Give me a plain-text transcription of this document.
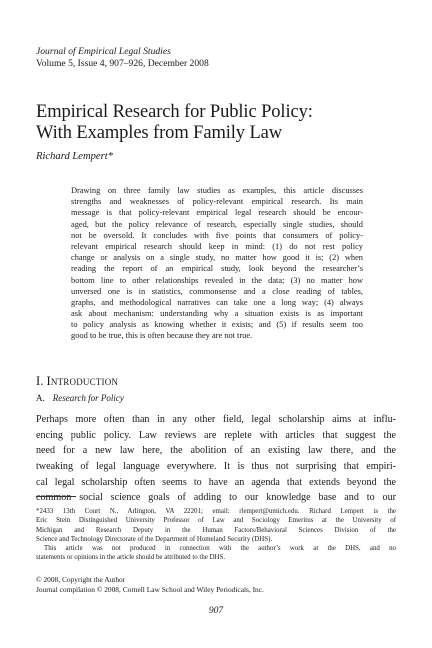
Journal of Empirical Legal Studies
Volume 5, Issue 4, 907–926, December 2008
Empirical Research for Public Policy:
With Examples from Family Law
Richard Lempert*
Drawing on three family law studies as examples, this article discusses
strengths and weaknesses of policy-relevant empirical research. Its main
message is that policy-relevant empirical legal research should be encour-
aged, but the policy relevance of research, especially single studies, should
not be oversold. It concludes with five points that consumers of policy-
relevant empirical research should keep in mind: (1) do not rest policy
change or analysis on a single study, no matter how good it is; (2) when
reading the report of an empirical study, look beyond the researcher’s
bottom line to other relationships revealed in the data; (3) no matter how
unversed one is in statistics, commonsense and a close reading of tables,
graphs, and methodological narratives can take one a long way; (4) always
ask about mechanism: understanding why a situation exists is as important
to policy analysis as knowing whether it exists; and (5) if results seem too
good to be true, this is often because they are not true.
I. Introduction
A. Research for Policy
Perhaps more often than in any other field, legal scholarship aims at influ-
encing public policy. Law reviews are replete with articles that suggest the
need for a new law here, the abolition of an existing law there, and the
tweaking of legal language everywhere. It is thus not surprising that empiri-
cal legal scholarship often seems to have an agenda that extends beyond the
common social science goals of adding to our knowledge base and to our
*2433 13th Court N., Arlington, VA 22201; email: rlempert@umich.edu. Richard Lempert is the
Eric Stein Distinguished University Professor of Law and Sociology Emeritus at the University of
Michigan and Research Deputy in the Human Factors/Behavioral Sciences Division of the
Science and Technology Directorate of the Department of Homeland Security (DHS).
This article was not produced in connection with the author’s work at the DHS, and no
statements or opinions in the article should be attributed to the DHS.
© 2008, Copyright the Author
Journal compilation © 2008, Cornell Law School and Wiley Periodicals, Inc.
907
